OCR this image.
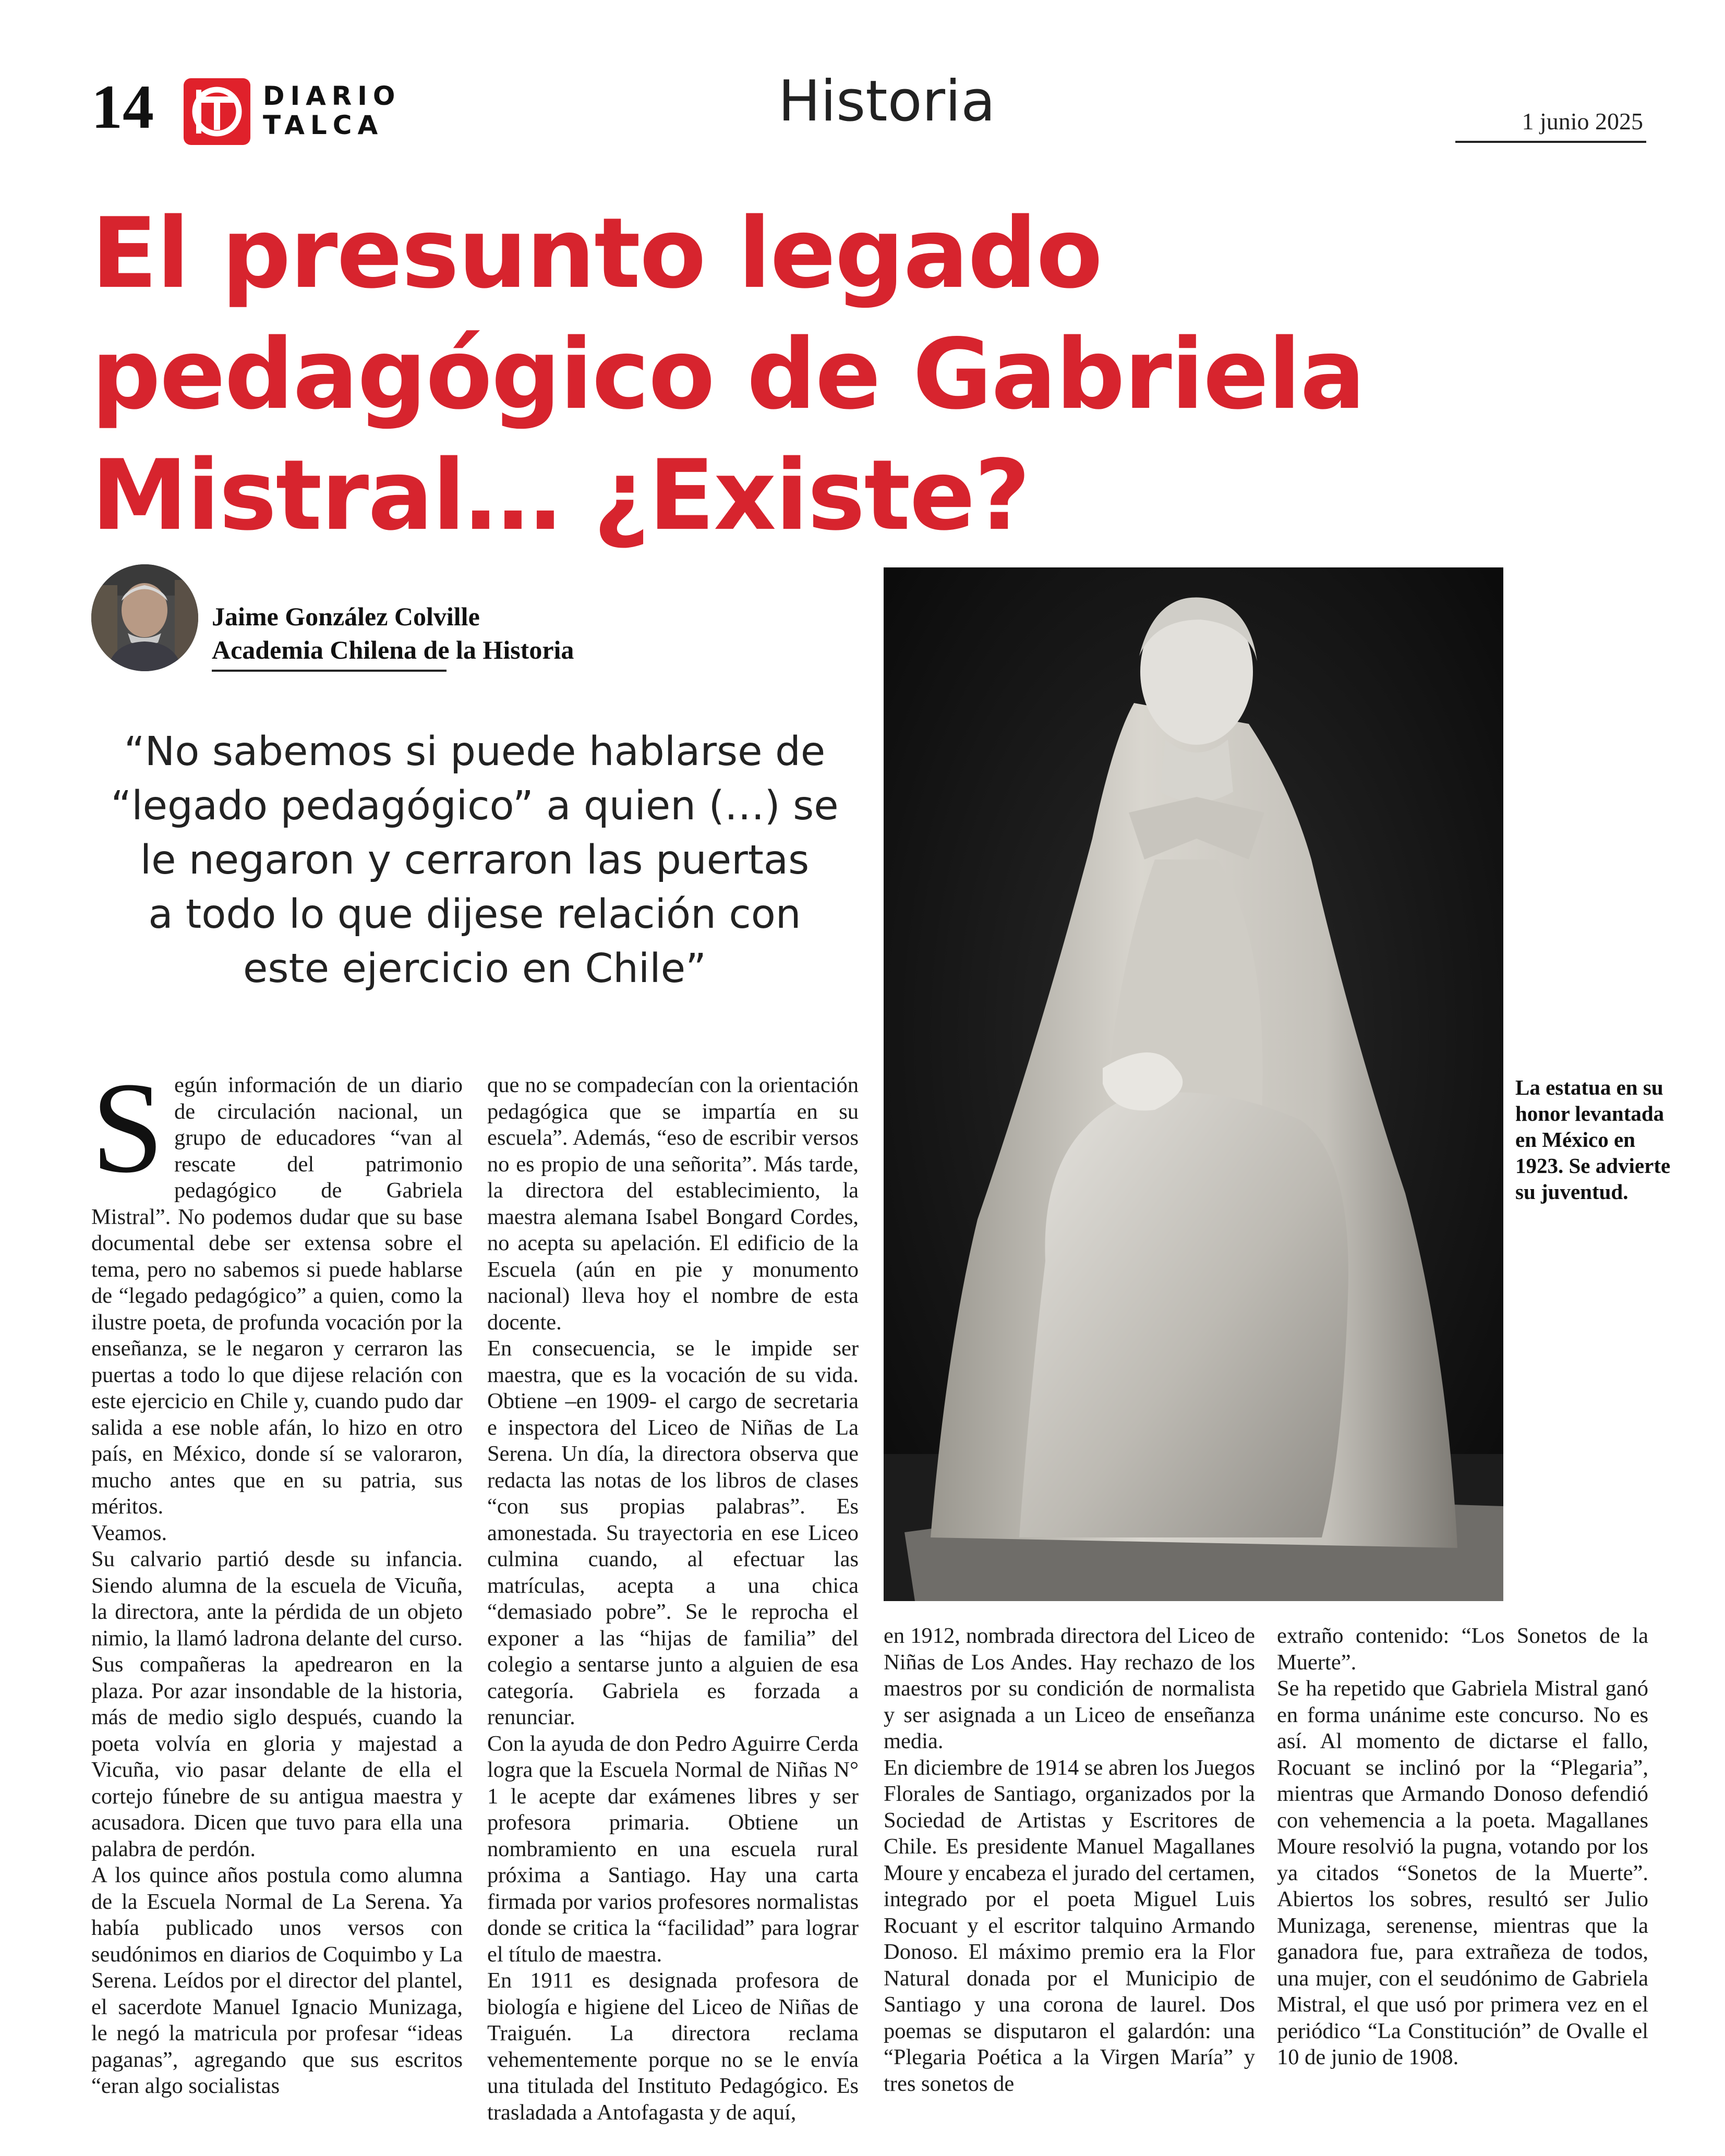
14	DIARIO
TALCA	Historia	1 junio 2025
El presunto legado
pedagógico de Gabriela
Mistral… ¿Existe?
Jaime González Colville
Academia Chilena de la Historia
“No sabemos si puede hablarse de
“legado pedagógico” a quien (…) se
le negaron y cerraron las puertas
a todo lo que dijese relación con
este ejercicio en Chile”

La estatua en su honor levantada en México en 1923. Se advierte su juventud.

S egún información de un diario de circulación nacional, un grupo de educadores “van al rescate del patrimonio pedagógico de Gabriela Mistral”. No podemos dudar que su base documental debe ser extensa sobre el tema, pero no sabemos si puede hablarse de “legado pedagógico” a quien, como la ilustre poeta, de profunda vocación por la enseñanza, se le negaron y cerraron las puertas a todo lo que dijese relación con este ejercicio en Chile y, cuando pudo dar salida a ese noble afán, lo hizo en otro país, en México, donde sí se valoraron, mucho antes que en su patria, sus méritos.

Veamos.

Su calvario partió desde su infancia. Siendo alumna de la escuela de Vicuña, la directora, ante la pérdida de un objeto nimio, la llamó ladrona delante del curso. Sus compañeras la apedrearon en la plaza. Por azar insondable de la historia, más de medio siglo después, cuando la poeta volvía en gloria y majestad a Vicuña, vio pasar delante de ella el cortejo fúnebre de su antigua maestra y acusadora. Dicen que tuvo para ella una palabra de perdón.

A los quince años postula como alumna de la Escuela Normal de La Serena. Ya había publicado unos versos con seudónimos en diarios de Coquimbo y La Serena. Leídos por el director del plantel, el sacerdote Manuel Ignacio Munizaga, le negó la matricula por profesar “ideas paganas”, agregando que sus escritos “eran algo socialistas

que no se compadecían con la orientación pedagógica que se impartía en su escuela”. Además, “eso de escribir versos no es propio de una señorita”. Más tarde, la directora del establecimiento, la maestra alemana Isabel Bongard Cordes, no acepta su apelación. El edificio de la Escuela (aún en pie y monumento nacional) lleva hoy el nombre de esta docente.

En consecuencia, se le impide ser maestra, que es la vocación de su vida. Obtiene –en 1909- el cargo de secretaria e inspectora del Liceo de Niñas de La Serena. Un día, la directora observa que redacta las notas de los libros de clases “con sus propias palabras”. Es amonestada. Su trayectoria en ese Liceo culmina cuando, al efectuar las matrículas, acepta a una chica “demasiado pobre”. Se le reprocha el exponer a las “hijas de familia” del colegio a sentarse junto a alguien de esa categoría. Gabriela es forzada a renunciar.

Con la ayuda de don Pedro Aguirre Cerda logra que la Escuela Normal de Niñas N° 1 le acepte dar exámenes libres y ser profesora primaria. Obtiene un nombramiento en una escuela rural próxima a Santiago. Hay una carta firmada por varios profesores normalistas donde se critica la “facilidad” para lograr el título de maestra.

En 1911 es designada profesora de biología e higiene del Liceo de Niñas de Traiguén. La directora reclama vehementemente porque no se le envía una titulada del Instituto Pedagógico. Es trasladada a Antofagasta y de aquí,

en 1912, nombrada directora del Liceo de Niñas de Los Andes. Hay rechazo de los maestros por su condición de normalista y ser asignada a un Liceo de enseñanza media.

En diciembre de 1914 se abren los Juegos Florales de Santiago, organizados por la Sociedad de Artistas y Escritores de Chile. Es presidente Manuel Magallanes Moure y encabeza el jurado del certamen, integrado por el poeta Miguel Luis Rocuant y el escritor talquino Armando Donoso. El máximo premio era la Flor Natural donada por el Municipio de Santiago y una corona de laurel. Dos poemas se disputaron el galardón: una “Plegaria Poética a la Virgen María” y tres sonetos de

extraño contenido: “Los Sonetos de la Muerte”.

Se ha repetido que Gabriela Mistral ganó en forma unánime este concurso. No es así. Al momento de dictarse el fallo, Rocuant se inclinó por la “Plegaria”, mientras que Armando Donoso defendió con vehemencia a la poeta. Magallanes Moure resolvió la pugna, votando por los ya citados “Sonetos de la Muerte”. Abiertos los sobres, resultó ser Julio Munizaga, serenense, mientras que la ganadora fue, para extrañeza de todos, una mujer, con el seudónimo de Gabriela Mistral, el que usó por primera vez en el periódico “La Constitución” de Ovalle el 10 de junio de 1908.
